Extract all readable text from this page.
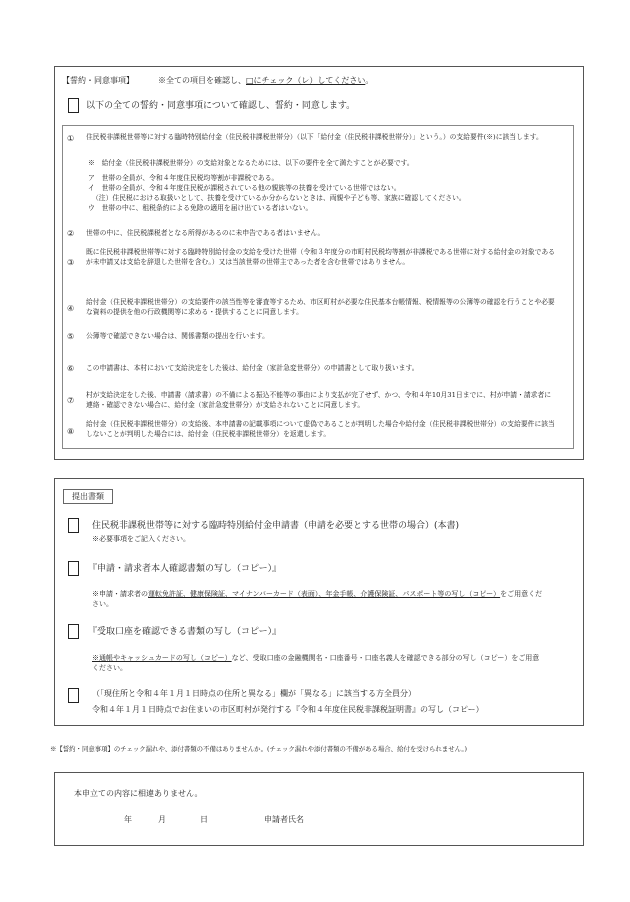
【誓約・同意事項】	※全ての項目を確認し、□にチェック（レ）してください。
以下の全ての誓約・同意事項について確認し、誓約・同意します。
① 住民税非課税世帯等に対する臨時特別給付金（住民税非課税世帯分）（以下「給付金（住民税非課税世帯分）」という。）の支給要件(※)に該当します。
※　給付金（住民税非課税世帯分）の支給対象となるためには、以下の要件を全て満たすことが必要です。
ア　世帯の全員が、令和４年度住民税均等割が非課税である。
イ　世帯の全員が、令和４年度住民税が課税されている他の親族等の扶養を受けている世帯ではない。
（注）住民税における取扱いとして、扶養を受けているか分からないときは、両親や子ども等、家族に確認してください。
ウ　世帯の中に、租税条約による免除の適用を届け出ている者はいない。
② 世帯の中に、住民税課税者となる所得があるのに未申告である者はいません。
③
既に住民税非課税世帯等に対する臨時特別給付金の支給を受けた世帯（令和３年度分の市町村民税均等割が非課税である世帯に対する給付金の対象であるが未申請又は支給を辞退した世帯を含む。）又は当該世帯の世帯主であった者を含む世帯ではありません。
④
給付金（住民税非課税世帯分）の支給要件の該当性等を審査等するため、市区町村が必要な住民基本台帳情報、税情報等の公簿等の確認を行うことや必要な資料の提供を他の行政機関等に求める・提供することに同意します。
⑤ 公簿等で確認できない場合は、関係書類の提出を行います。
⑥ この申請書は、本村において支給決定をした後は、給付金（家計急変世帯分）の申請書として取り扱います。
⑦
村が支給決定をした後、申請書（請求書）の不備による振込不能等の事由により支払が完了せず、かつ、令和４年10月31日までに、村が申請・請求者に連絡・確認できない場合に、給付金（家計急変世帯分）が支給されないことに同意します。
⑧
給付金（住民税非課税世帯分）の支給後、本申請書の記載事項について虚偽であることが判明した場合や給付金（住民税非課税世帯分）の支給要件に該当しないことが判明した場合には、給付金（住民税非課税世帯分）を返還します。
提出書類
住民税非課税世帯等に対する臨時特別給付金申請書（申請を必要とする世帯の場合）(本書)
※必要事項をご記入ください。
『申請・請求者本人確認書類の写し（コピー）』
※申請・請求者の運転免許証、健康保険証、マイナンバーカード（表面）、年金手帳、介護保険証、パスポート等の写し（コピー）をご用意ください。
『受取口座を確認できる書類の写し（コピー）』
※通帳やキャッシュカードの写し（コピー）など、受取口座の金融機関名・口座番号・口座名義人を確認できる部分の写し（コピー）をご用意ください。
（「現住所と令和４年１月１日時点の住所と異なる」欄が「異なる」に該当する方全員分）
令和４年１月１日時点でお住まいの市区町村が発行する『令和４年度住民税非課税証明書』の写し（コピー）
※【誓約・同意事項】のチェック漏れや、添付書類の不備はありませんか。(チェック漏れや添付書類の不備がある場合、給付を受けられません。)
本申立ての内容に相違ありません。
年	月	日	申請者氏名
